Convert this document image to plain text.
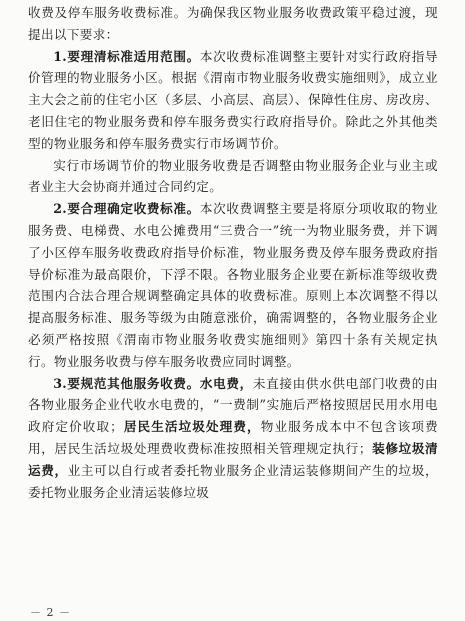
收费及停车服务收费标准。为确保我区物业服务收费政策平稳过渡，现提出以下要求：

1.要理清标准适用范围。本次收费标准调整主要针对实行政府指导价管理的物业服务小区。根据《渭南市物业服务收费实施细则》，成立业主大会之前的住宅小区（多层、小高层、高层）、保障性住房、房改房、老旧住宅的物业服务费和停车服务费实行政府指导价。除此之外其他类型的物业服务和停车服务费实行市场调节价。

实行市场调节价的物业服务收费是否调整由物业服务企业与业主或者业主大会协商并通过合同约定。

2.要合理确定收费标准。本次收费调整主要是将原分项收取的物业服务费、电梯费、水电公摊费用“三费合一”统一为物业服务费，并下调了小区停车服务收费政府指导价标准，物业服务费及停车服务费政府指导价标准为最高限价，下浮不限。各物业服务企业要在新标准等级收费范围内合法合理合规调整确定具体的收费标准。原则上本次调整不得以提高服务标准、服务等级为由随意涨价，确需调整的，各物业服务企业必须严格按照《渭南市物业服务收费实施细则》第四十条有关规定执行。物业服务收费与停车服务收费应同时调整。

3.要规范其他服务收费。水电费，未直接由供水供电部门收费的由各物业服务企业代收水电费的，“一费制”实施后严格按照居民用水用电政府定价收取；居民生活垃圾处理费，物业服务成本中不包含该项费用，居民生活垃圾处理费收费标准按照相关管理规定执行；装修垃圾清运费，业主可以自行或者委托物业服务企业清运装修期间产生的垃圾，委托物业服务企业清运装修垃圾

－ 2 －
